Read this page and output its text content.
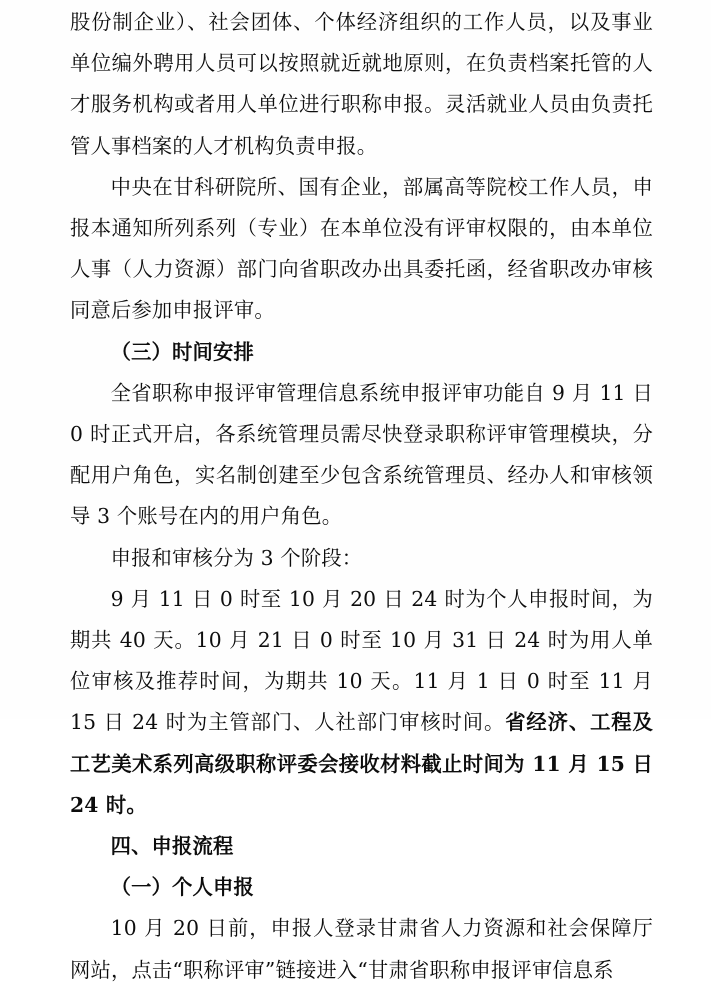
股份制企业）、社会团体、个体经济组织的工作人员，以及事业单位编外聘用人员可以按照就近就地原则，在负责档案托管的人才服务机构或者用人单位进行职称申报。灵活就业人员由负责托管人事档案的人才机构负责申报。

中央在甘科研院所、国有企业，部属高等院校工作人员，申报本通知所列系列（专业）在本单位没有评审权限的，由本单位人事（人力资源）部门向省职改办出具委托函，经省职改办审核同意后参加申报评审。

（三）时间安排

全省职称申报评审管理信息系统申报评审功能自 9 月 11 日 0 时正式开启，各系统管理员需尽快登录职称评审管理模块，分配用户角色，实名制创建至少包含系统管理员、经办人和审核领导 3 个账号在内的用户角色。

申报和审核分为 3 个阶段：

9 月 11 日 0 时至 10 月 20 日 24 时为个人申报时间，为期共 40 天。10 月 21 日 0 时至 10 月 31 日 24 时为用人单位审核及推荐时间，为期共 10 天。11 月 1 日 0 时至 11 月 15 日 24 时为主管部门、人社部门审核时间。省经济、工程及工艺美术系列高级职称评委会接收材料截止时间为 11 月 15 日 24 时。

四、申报流程

（一）个人申报

10 月 20 日前，申报人登录甘肃省人力资源和社会保障厅网站，点击“职称评审”链接进入“甘肃省职称申报评审信息系
